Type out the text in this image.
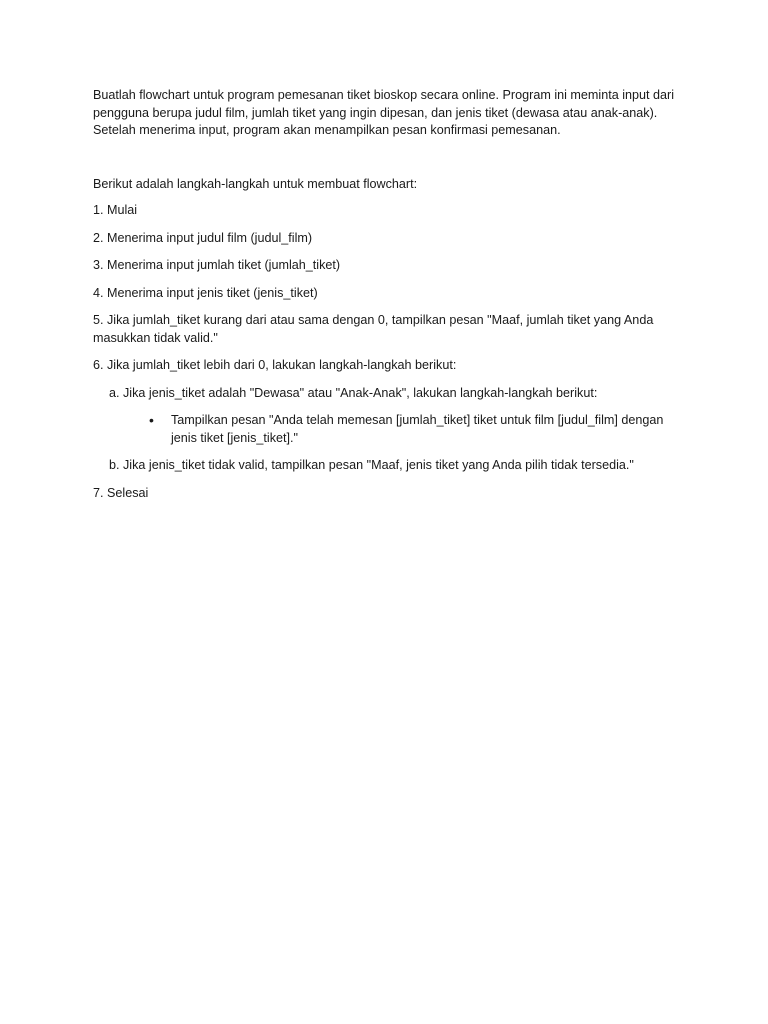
Buatlah flowchart untuk program pemesanan tiket bioskop secara online. Program ini meminta input dari pengguna berupa judul film, jumlah tiket yang ingin dipesan, dan jenis tiket (dewasa atau anak-anak). Setelah menerima input, program akan menampilkan pesan konfirmasi pemesanan.

Berikut adalah langkah-langkah untuk membuat flowchart:

1. Mulai

2. Menerima input judul film (judul_film)

3. Menerima input jumlah tiket (jumlah_tiket)

4. Menerima input jenis tiket (jenis_tiket)

5. Jika jumlah_tiket kurang dari atau sama dengan 0, tampilkan pesan "Maaf, jumlah tiket yang Anda masukkan tidak valid."

6. Jika jumlah_tiket lebih dari 0, lakukan langkah-langkah berikut:

a. Jika jenis_tiket adalah "Dewasa" atau "Anak-Anak", lakukan langkah-langkah berikut:

• Tampilkan pesan "Anda telah memesan [jumlah_tiket] tiket untuk film [judul_film] dengan jenis tiket [jenis_tiket]."

b. Jika jenis_tiket tidak valid, tampilkan pesan "Maaf, jenis tiket yang Anda pilih tidak tersedia."

7. Selesai
